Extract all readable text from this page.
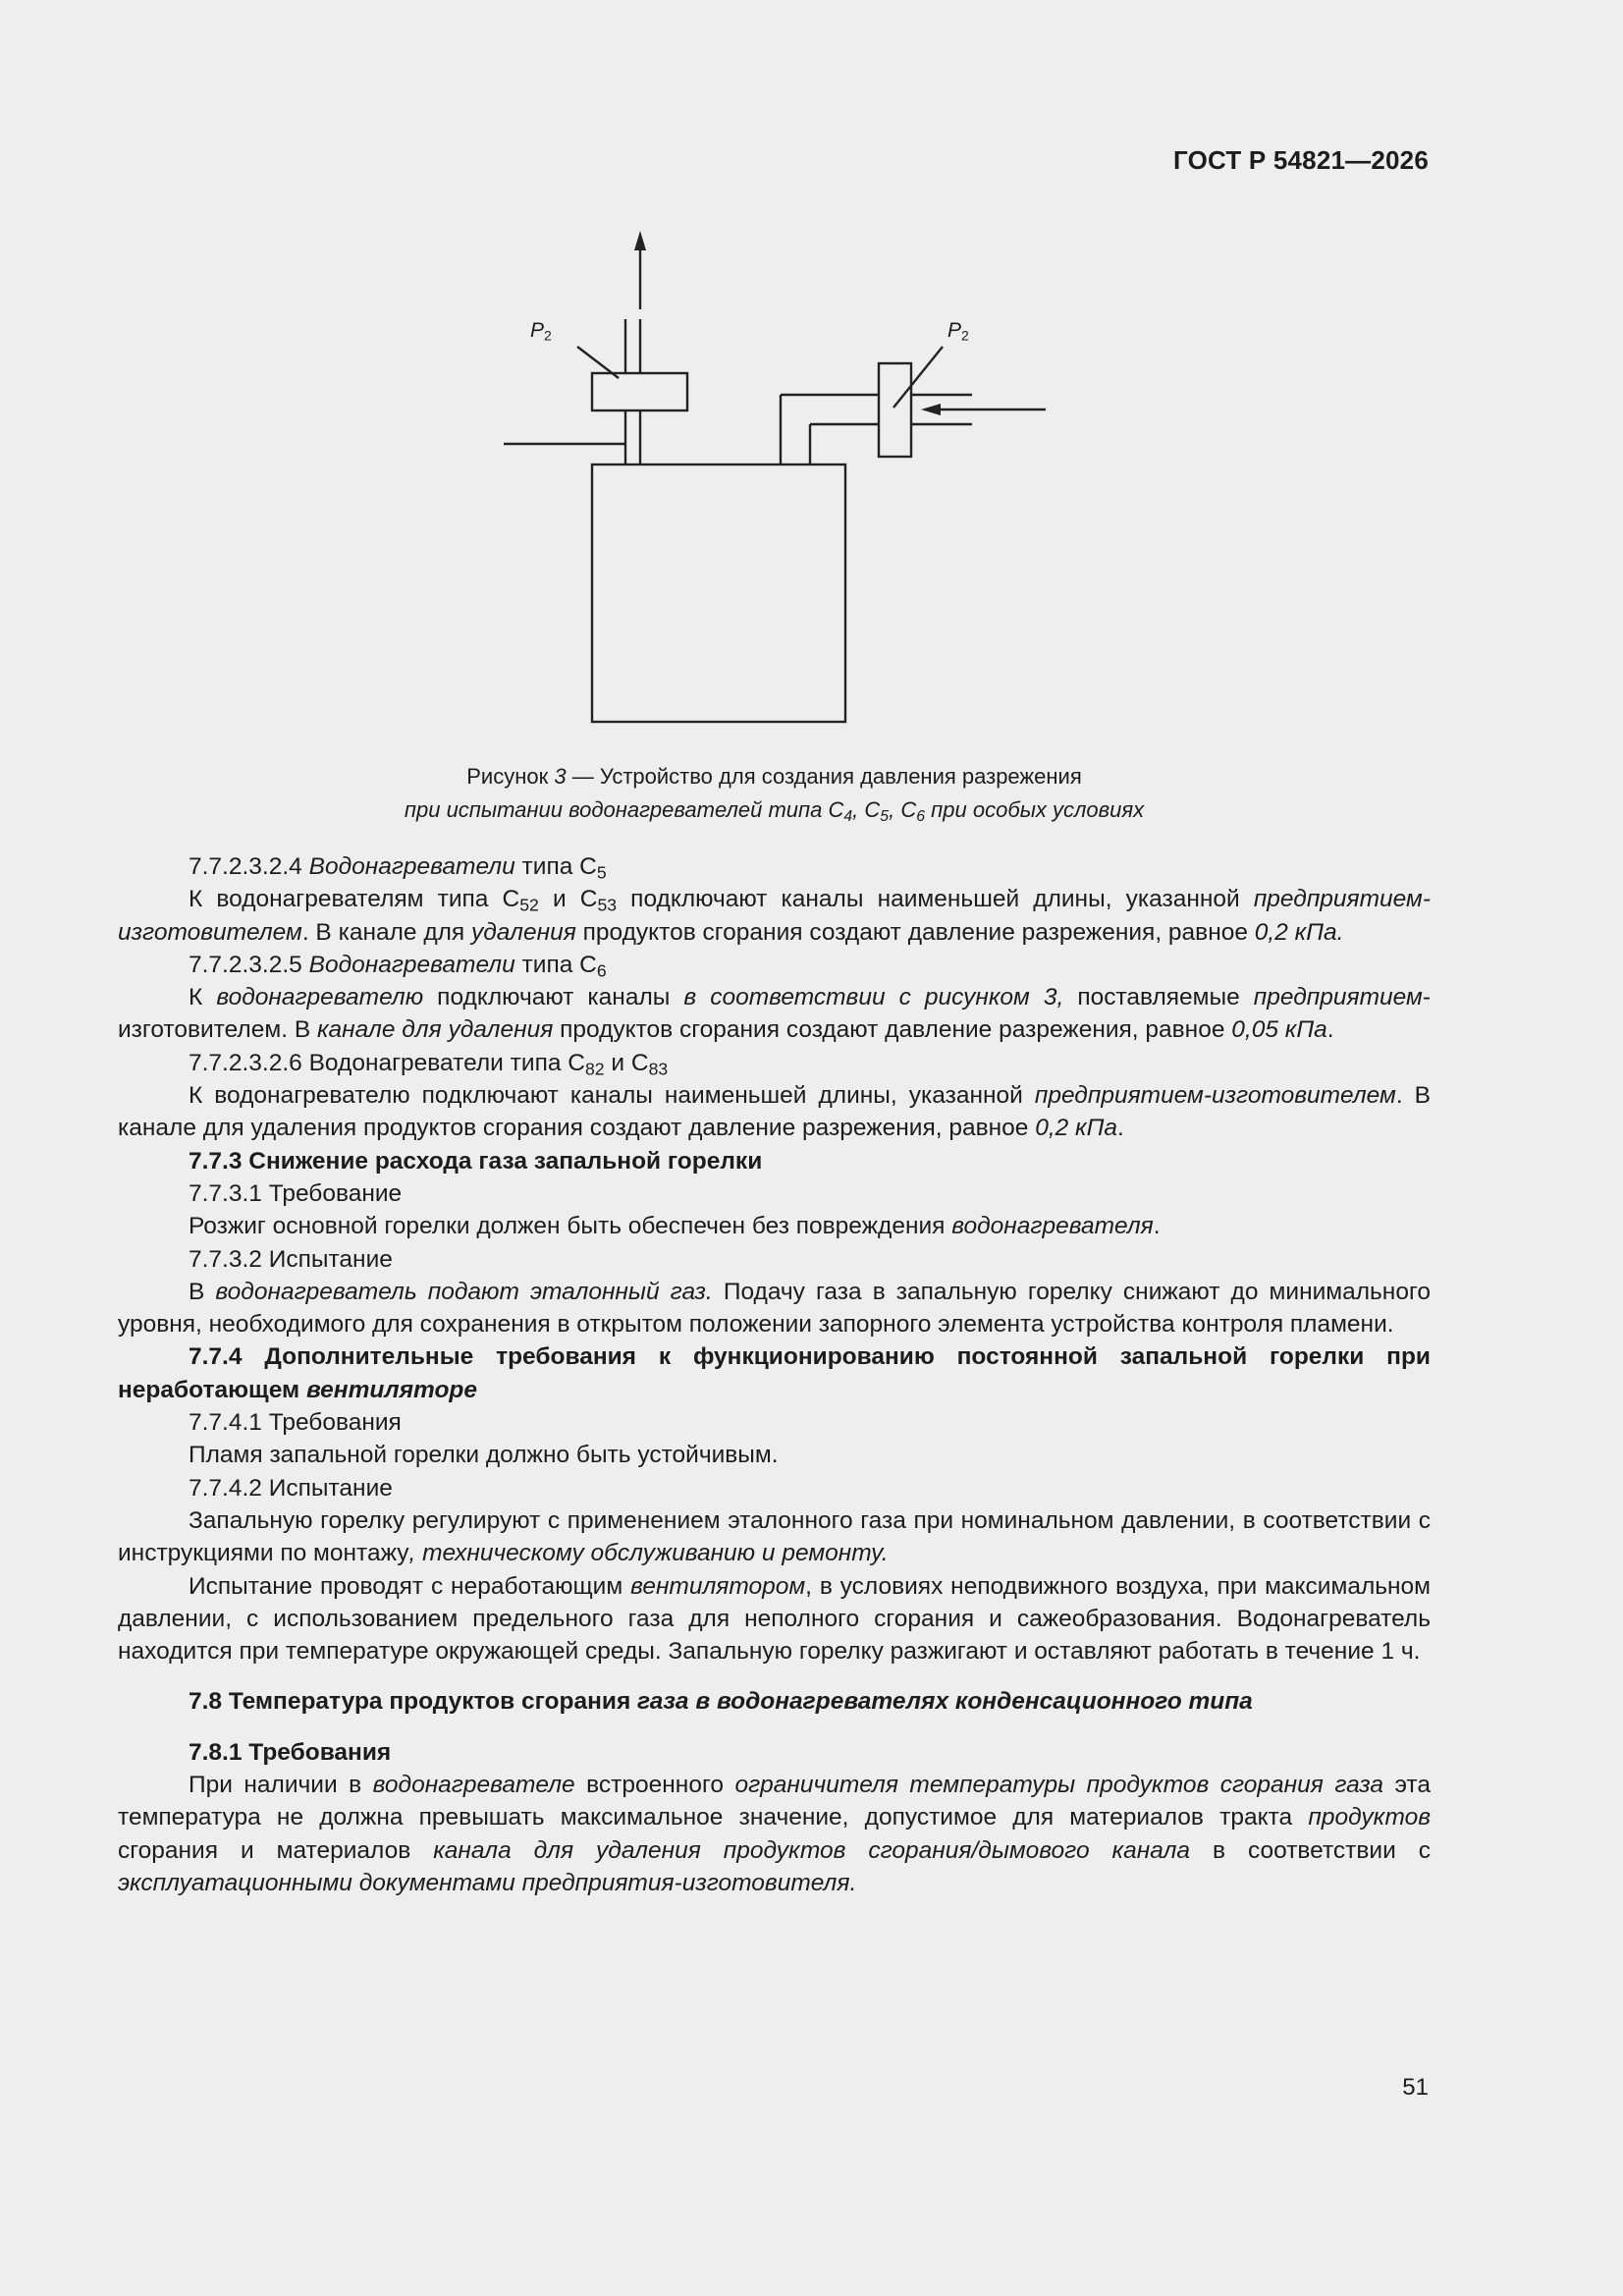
ГОСТ Р 54821—2026
$P_2$	$P_2$
Рисунок 3 — Устройство для создания давления разрежения
при испытании водонагревателей типа $C_4$, $C_5$, $C_6$ при особых условиях

7.7.2.3.2.4 Водонагреватели типа $С_5$

К водонагревателям типа $С_{52}$ и $С_{53}$ подключают каналы наименьшей длины, указанной предприятием-изготовителем. В канале для удаления продуктов сгорания создают давление разрежения, равное 0,2 кПа.

7.7.2.3.2.5 Водонагреватели типа $С_6$

К водонагревателю подключают каналы в соответствии с рисунком 3, поставляемые предприятием-изготовителем. В канале для удаления продуктов сгорания создают давление разрежения, равное 0,05 кПа.

7.7.2.3.2.6 Водонагреватели типа $С_{82}$ и $С_{83}$

К водонагревателю подключают каналы наименьшей длины, указанной предприятием-изготовителем. В канале для удаления продуктов сгорания создают давление разрежения, равное 0,2 кПа.

7.7.3 Снижение расхода газа запальной горелки

7.7.3.1 Требование

Розжиг основной горелки должен быть обеспечен без повреждения водонагревателя.

7.7.3.2 Испытание

В водонагреватель подают эталонный газ. Подачу газа в запальную горелку снижают до минимального уровня, необходимого для сохранения в открытом положении запорного элемента устройства контроля пламени.

7.7.4 Дополнительные требования к функционированию постоянной запальной горелки при неработающем вентиляторе

7.7.4.1 Требования

Пламя запальной горелки должно быть устойчивым.

7.7.4.2 Испытание

Запальную горелку регулируют с применением эталонного газа при номинальном давлении, в соответствии с инструкциями по монтажу, техническому обслуживанию и ремонту.

Испытание проводят с неработающим вентилятором, в условиях неподвижного воздуха, при максимальном давлении, с использованием предельного газа для неполного сгорания и сажеобразования. Водонагреватель находится при температуре окружающей среды. Запальную горелку разжигают и оставляют работать в течение 1 ч.

7.8 Температура продуктов сгорания газа в водонагревателях конденсационного типа

7.8.1 Требования

При наличии в водонагревателе встроенного ограничителя температуры продуктов сгорания газа эта температура не должна превышать максимальное значение, допустимое для материалов тракта продуктов сгорания и материалов канала для удаления продуктов сгорания/дымового канала в соответствии с эксплуатационными документами предприятия-изготовителя.

51
